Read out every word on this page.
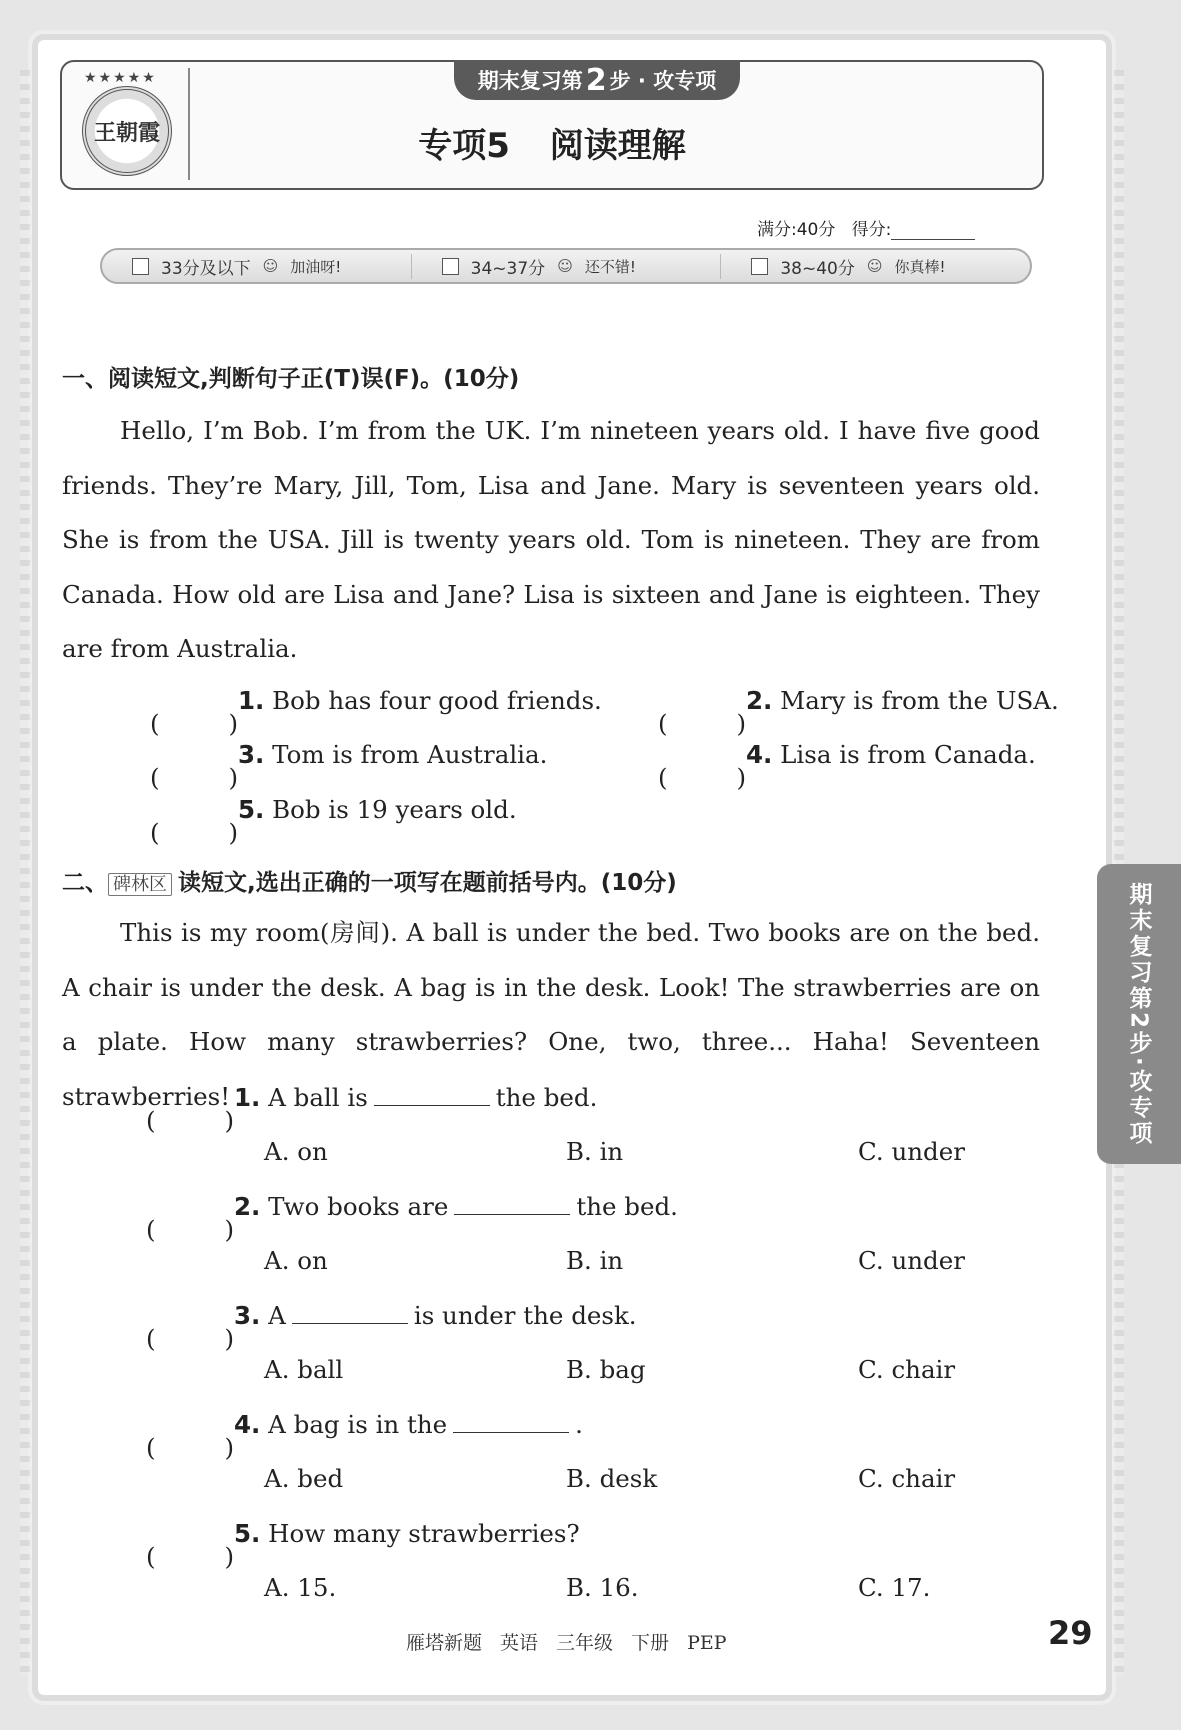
★★★★★
王朝霞
期末复习第 2 步 · 攻专项
专项5 阅读理解
满分:40分 得分:
33分及以下 ☺ 加油呀!	34~37分 ☺ 还不错!	38~40分 ☺ 你真棒!
一、阅读短文,判断句子正(T)误(F)。(10分)
Hello, I’m Bob. I’m from the UK. I’m nineteen years old. I have five good friends. They’re Mary, Jill, Tom, Lisa and Jane. Mary is seventeen years old. She is from the USA. Jill is twenty years old. Tom is nineteen. They are from Canada. How old are Lisa and Jane? Lisa is sixteen and Jane is eighteen. They are from Australia.
1. Bob has four good friends.	2. Mary is from the USA.
3. Tom is from Australia.	4. Lisa is from Canada.
5. Bob is 19 years old.
二、 碑林区 读短文,选出正确的一项写在题前括号内。(10分)
This is my room(房间). A ball is under the bed. Two books are on the bed. A chair is under the desk. A bag is in the desk. Look! The strawberries are on a plate. How many strawberries? One, two, three... Haha! Seventeen strawberries! 1. A ball is	the bed.
A. on	B. in	C. under
2. Two books are	the bed.
A. on	B. in	C. under
3. A	is under the desk.
A. ball	B. bag	C. chair
4. A bag is in the	.
A. bed	B. desk	C. chair
5. How many strawberries?
A. 15.	B. 16.	C. 17.
期末复习第2步·攻专项
雁塔新题 英语 三年级 下册 PEP	29
